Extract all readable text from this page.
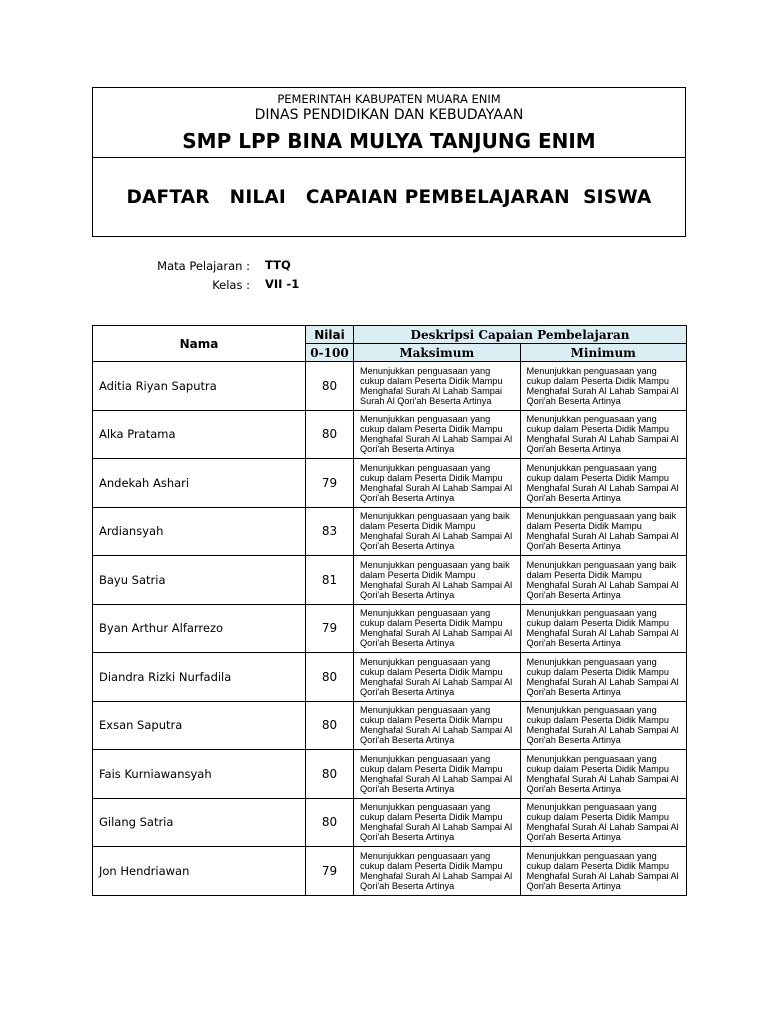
PEMERINTAH KABUPATEN MUARA ENIM
DINAS PENDIDIKAN DAN KEBUDAYAAN
SMP LPP BINA MULYA TANJUNG ENIM
DAFTAR   NILAI   CAPAIAN PEMBELAJARAN  SISWA
Mata Pelajaran : TTQ
Kelas : VII -1
Nama	Nilai	Deskripsi Capaian Pembelajaran	
	0-100	Maksimum	Minimum
Aditia Riyan Saputra	80	Menunjukkan penguasaan yang cukup dalam Peserta Didik Mampu Menghafal Surah Al Lahab Sampai Surah Al Qori'ah Beserta Artinya	Menunjukkan penguasaan yang cukup dalam Peserta Didik Mampu Menghafal Surah Al Lahab Sampai Al Qori'ah Beserta Artinya
Alka Pratama	80	Menunjukkan penguasaan yang cukup dalam Peserta Didik Mampu Menghafal Surah Al Lahab Sampai Al Qori'ah Beserta Artinya	Menunjukkan penguasaan yang cukup dalam Peserta Didik Mampu Menghafal Surah Al Lahab Sampai Al Qori'ah Beserta Artinya
Andekah Ashari	79	Menunjukkan penguasaan yang cukup dalam Peserta Didik Mampu Menghafal Surah Al Lahab Sampai Al Qori'ah Beserta Artinya	Menunjukkan penguasaan yang cukup dalam Peserta Didik Mampu Menghafal Surah Al Lahab Sampai Al Qori'ah Beserta Artinya
Ardiansyah	83	Menunjukkan penguasaan yang baik dalam Peserta Didik Mampu Menghafal Surah Al Lahab Sampai Al Qori'ah Beserta Artinya	Menunjukkan penguasaan yang baik dalam Peserta Didik Mampu Menghafal Surah Al Lahab Sampai Al Qori'ah Beserta Artinya
Bayu Satria	81	Menunjukkan penguasaan yang baik dalam Peserta Didik Mampu Menghafal Surah Al Lahab Sampai Al Qori'ah Beserta Artinya	Menunjukkan penguasaan yang baik dalam Peserta Didik Mampu Menghafal Surah Al Lahab Sampai Al Qori'ah Beserta Artinya
Byan Arthur Alfarrezo	79	Menunjukkan penguasaan yang cukup dalam Peserta Didik Mampu Menghafal Surah Al Lahab Sampai Al Qori'ah Beserta Artinya	Menunjukkan penguasaan yang cukup dalam Peserta Didik Mampu Menghafal Surah Al Lahab Sampai Al Qori'ah Beserta Artinya
Diandra Rizki Nurfadila	80	Menunjukkan penguasaan yang cukup dalam Peserta Didik Mampu Menghafal Surah Al Lahab Sampai Al Qori'ah Beserta Artinya	Menunjukkan penguasaan yang cukup dalam Peserta Didik Mampu Menghafal Surah Al Lahab Sampai Al Qori'ah Beserta Artinya
Exsan Saputra	80	Menunjukkan penguasaan yang cukup dalam Peserta Didik Mampu Menghafal Surah Al Lahab Sampai Al Qori'ah Beserta Artinya	Menunjukkan penguasaan yang cukup dalam Peserta Didik Mampu Menghafal Surah Al Lahab Sampai Al Qori'ah Beserta Artinya
Fais Kurniawansyah	80	Menunjukkan penguasaan yang cukup dalam Peserta Didik Mampu Menghafal Surah Al Lahab Sampai Al Qori'ah Beserta Artinya	Menunjukkan penguasaan yang cukup dalam Peserta Didik Mampu Menghafal Surah Al Lahab Sampai Al Qori'ah Beserta Artinya
Gilang Satria	80	Menunjukkan penguasaan yang cukup dalam Peserta Didik Mampu Menghafal Surah Al Lahab Sampai Al Qori'ah Beserta Artinya	Menunjukkan penguasaan yang cukup dalam Peserta Didik Mampu Menghafal Surah Al Lahab Sampai Al Qori'ah Beserta Artinya
Jon Hendriawan	79	Menunjukkan penguasaan yang cukup dalam Peserta Didik Mampu Menghafal Surah Al Lahab Sampai Al Qori'ah Beserta Artinya	Menunjukkan penguasaan yang cukup dalam Peserta Didik Mampu Menghafal Surah Al Lahab Sampai Al Qori'ah Beserta Artinya
